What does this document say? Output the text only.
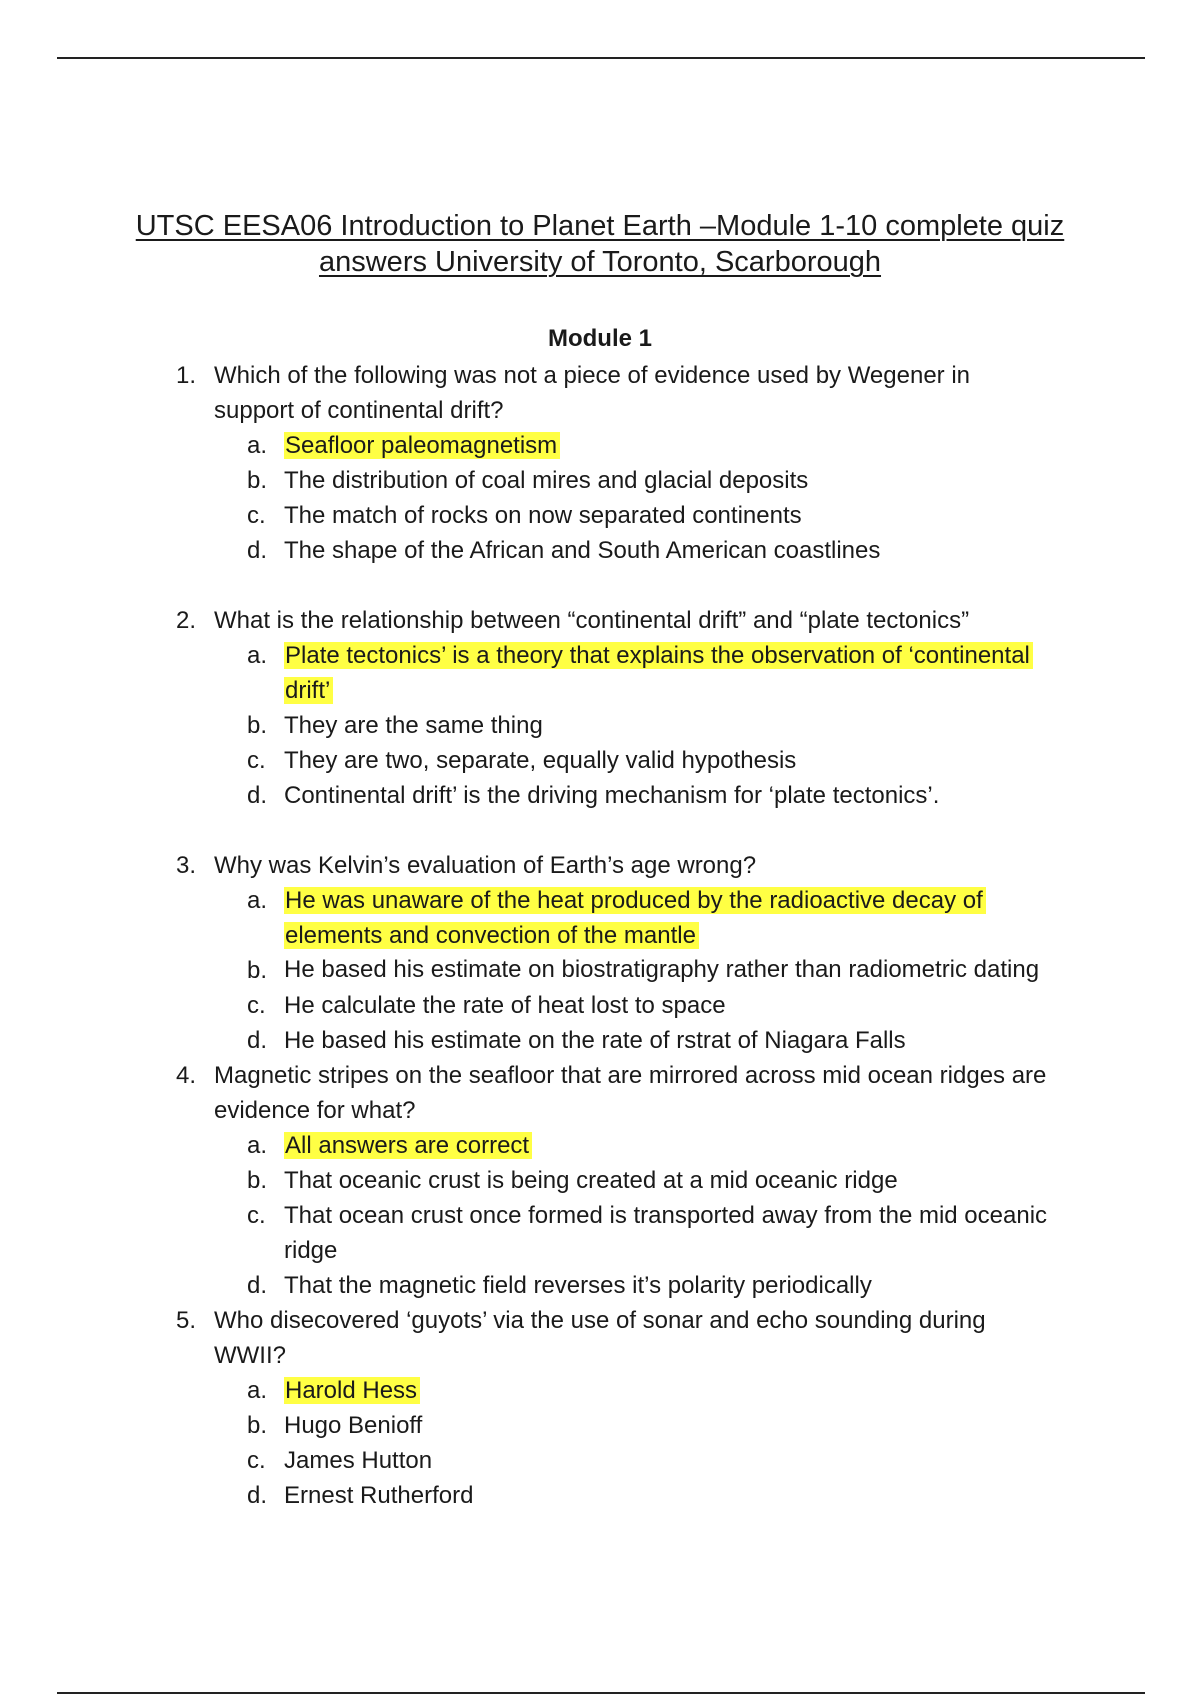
UTSC EESA06 Introduction to Planet Earth –Module 1-10 complete quiz answers University of Toronto, Scarborough
Module 1
1. Which of the following was not a piece of evidence used by Wegener in support of continental drift?
a. Seafloor paleomagnetism
b. The distribution of coal mires and glacial deposits
c. The match of rocks on now separated continents
d. The shape of the African and South American coastlines
2. What is the relationship between “continental drift” and “plate tectonics”
a. Plate tectonics’ is a theory that explains the observation of ‘continental drift’
b. They are the same thing
c. They are two, separate, equally valid hypothesis
d. Continental drift’ is the driving mechanism for ‘plate tectonics’.
3. Why was Kelvin’s evaluation of Earth’s age wrong?
a. He was unaware of the heat produced by the radioactive decay of elements and convection of the mantle
b. He based his estimate on biostratigraphy rather than radiometric dating
c. He calculate the rate of heat lost to space
d. He based his estimate on the rate of rstrat of Niagara Falls
4. Magnetic stripes on the seafloor that are mirrored across mid ocean ridges are evidence for what?
a. All answers are correct
b. That oceanic crust is being created at a mid oceanic ridge
c. That ocean crust once formed is transported away from the mid oceanic ridge
d. That the magnetic field reverses it’s polarity periodically
5. Who disecovered ‘guyots’ via the use of sonar and echo sounding during WWII?
a. Harold Hess
b. Hugo Benioff
c. James Hutton
d. Ernest Rutherford
